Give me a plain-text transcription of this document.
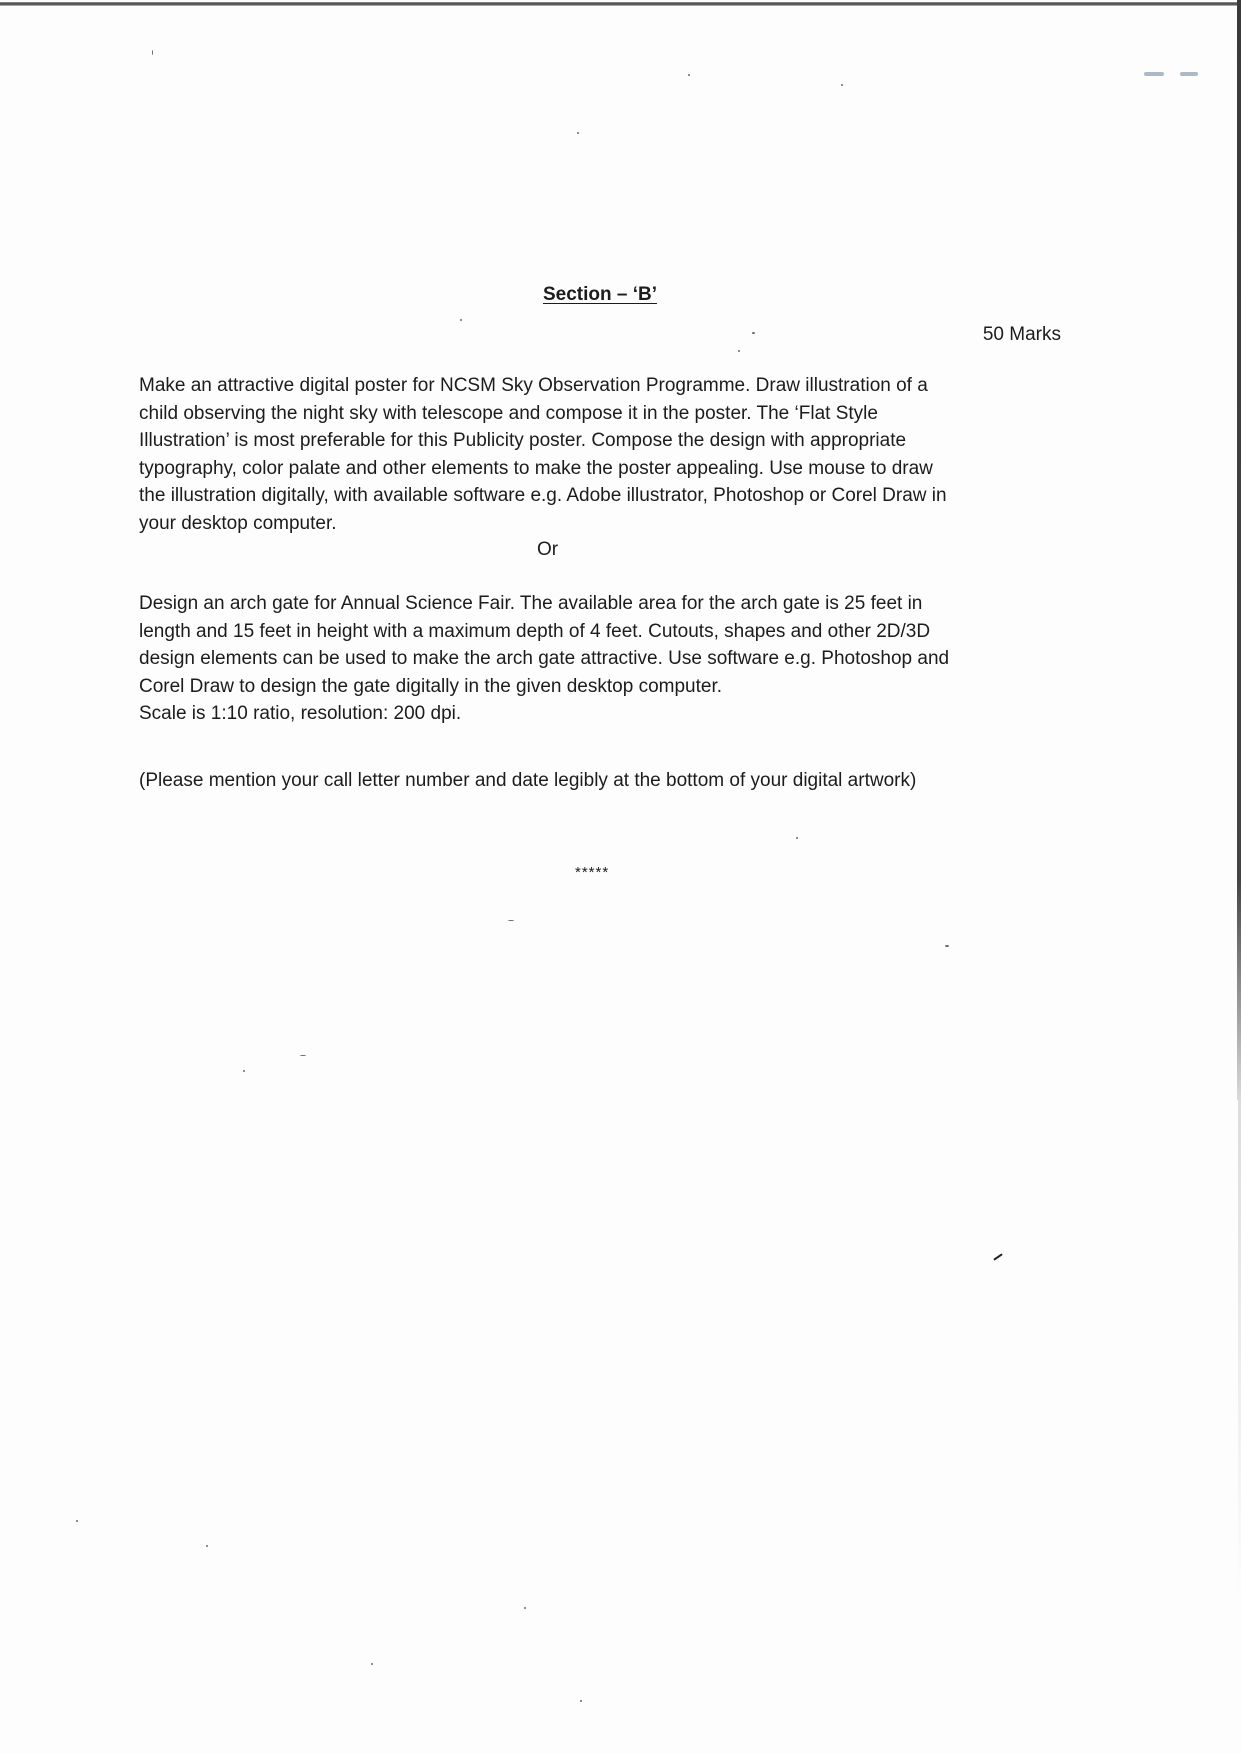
Section – ‘B’
50 Marks

Make an attractive digital poster for NCSM Sky Observation Programme. Draw illustration of a
child observing the night sky with telescope and compose it in the poster. The ‘Flat Style
Illustration’ is most preferable for this Publicity poster. Compose the design with appropriate
typography, color palate and other elements to make the poster appealing. Use mouse to draw
the illustration digitally, with available software e.g. Adobe illustrator, Photoshop or Corel Draw in
your desktop computer.

Or

Design an arch gate for Annual Science Fair. The available area for the arch gate is 25 feet in
length and 15 feet in height with a maximum depth of 4 feet. Cutouts, shapes and other 2D/3D
design elements can be used to make the arch gate attractive. Use software e.g. Photoshop and
Corel Draw to design the gate digitally in the given desktop computer.
Scale is 1:10 ratio, resolution: 200 dpi.

(Please mention your call letter number and date legibly at the bottom of your digital artwork)
*****
